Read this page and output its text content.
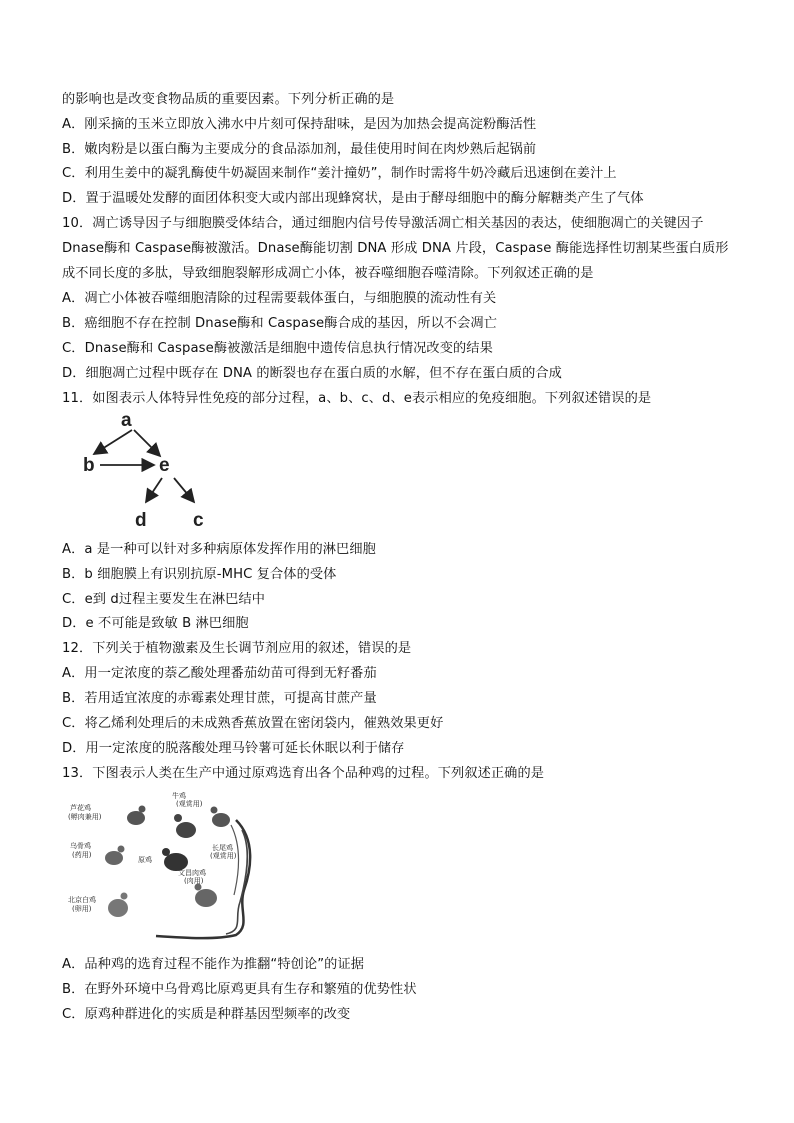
的影响也是改变食物品质的重要因素。下列分析正确的是
A．刚采摘的玉米立即放入沸水中片刻可保持甜味，是因为加热会提高淀粉酶活性
B．嫩肉粉是以蛋白酶为主要成分的食品添加剂，最佳使用时间在肉炒熟后起锅前
C．利用生姜中的凝乳酶使牛奶凝固来制作“姜汁撞奶”，制作时需将牛奶冷藏后迅速倒在姜汁上
D．置于温暖处发酵的面团体积变大或内部出现蜂窝状，是由于酵母细胞中的酶分解糖类产生了气体
10．凋亡诱导因子与细胞膜受体结合，通过细胞内信号传导激活凋亡相关基因的表达，使细胞凋亡的关键因子
Dnase酶和 Caspase酶被激活。Dnase酶能切割 DNA 形成 DNA 片段，Caspase 酶能选择性切割某些蛋白质形
成不同长度的多肽，导致细胞裂解形成凋亡小体，被吞噬细胞吞噬清除。下列叙述正确的是
A．凋亡小体被吞噬细胞清除的过程需要载体蛋白，与细胞膜的流动性有关
B．癌细胞不存在控制 Dnase酶和 Caspase酶合成的基因，所以不会凋亡
C．Dnase酶和 Caspase酶被激活是细胞中遗传信息执行情况改变的结果
D．细胞凋亡过程中既存在 DNA 的断裂也存在蛋白质的水解，但不存在蛋白质的合成
11．如图表示人体特异性免疫的部分过程，a、b、c、d、e表示相应的免疫细胞。下列叙述错误的是
a
b	e
d c
A．a 是一种可以针对多种病原体发挥作用的淋巴细胞
B．b 细胞膜上有识别抗原-MHC 复合体的受体
C．e到 d过程主要发生在淋巴结中
D．e 不可能是致敏 B 淋巴细胞
12．下列关于植物激素及生长调节剂应用的叙述，错误的是
A．用一定浓度的萘乙酸处理番茄幼苗可得到无籽番茄
B．若用适宜浓度的赤霉素处理甘蔗，可提高甘蔗产量
C．将乙烯利处理后的未成熟香蕉放置在密闭袋内，催熟效果更好
D．用一定浓度的脱落酸处理马铃薯可延长休眠以利于储存
13．下图表示人类在生产中通过原鸡选育出各个品种鸡的过程。下列叙述正确的是
芦花鸡
(孵肉兼用)
牛鸡
(观赏用)
乌骨鸡
(药用)
原鸡
长尾鸡
(观赏用)
北京白鸡
(卵用)
文昌肉鸡
(肉用)
A．品种鸡的选育过程不能作为推翻“特创论”的证据
B．在野外环境中乌骨鸡比原鸡更具有生存和繁殖的优势性状
C．原鸡种群进化的实质是种群基因型频率的改变
